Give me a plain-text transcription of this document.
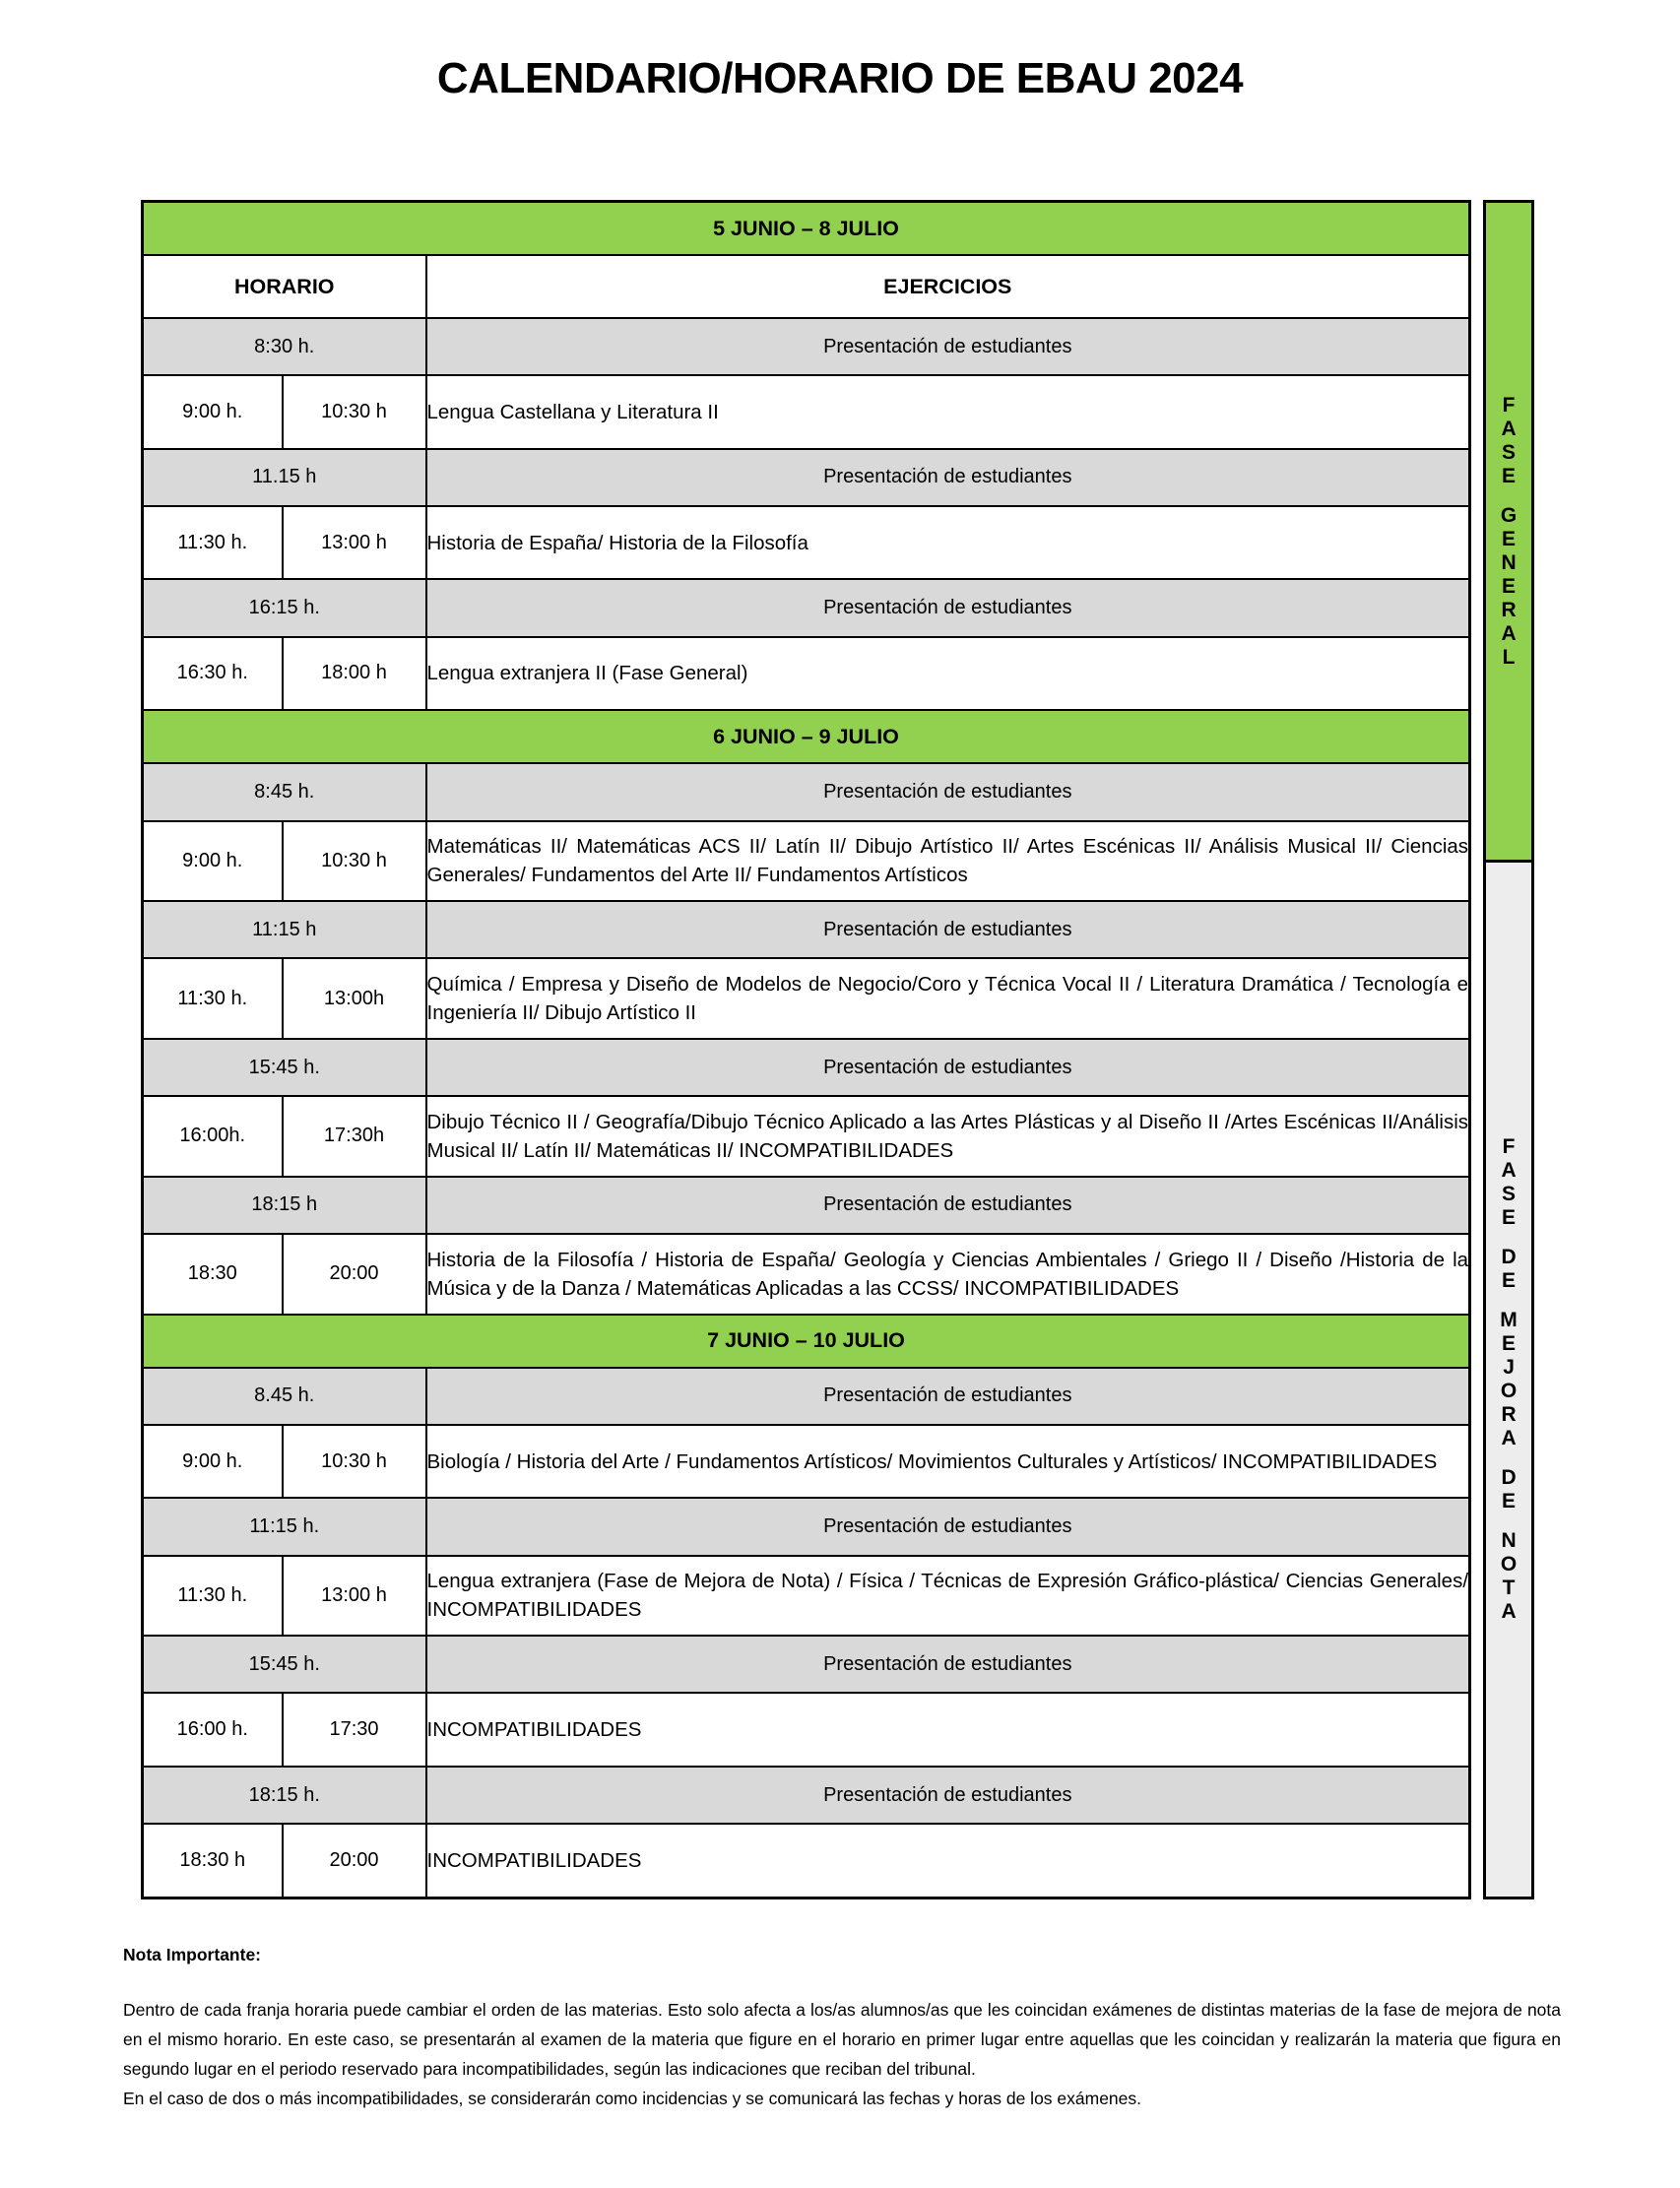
CALENDARIO/HORARIO DE EBAU 2024
5 JUNIO – 8 JULIO		
HORARIO		EJERCICIOS
8:30 h.		Presentación de estudiantes
9:00 h.	10:30 h	Lengua Castellana y Literatura II
11.15 h		Presentación de estudiantes
11:30 h.	13:00 h	Historia de España/ Historia de la Filosofía
16:15 h.		Presentación de estudiantes
16:30 h.	18:00 h	Lengua extranjera II (Fase General)
6 JUNIO – 9 JULIO		
8:45 h.		Presentación de estudiantes
9:00 h.	10:30 h	Matemáticas II/ Matemáticas ACS II/ Latín II/ Dibujo Artístico II/ Artes Escénicas II/ Análisis Musical II/ Ciencias Generales/ Fundamentos del Arte II/ Fundamentos Artísticos
11:15 h		Presentación de estudiantes
11:30 h.	13:00h	Química / Empresa y Diseño de Modelos de Negocio/Coro y Técnica Vocal II / Literatura Dramática / Tecnología e Ingeniería II/ Dibujo Artístico II
15:45 h.		Presentación de estudiantes
16:00h.	17:30h	Dibujo Técnico II / Geografía/Dibujo Técnico Aplicado a las Artes Plásticas y al Diseño II /Artes Escénicas II/Análisis Musical II/ Latín II/ Matemáticas II/ INCOMPATIBILIDADES
18:15 h		Presentación de estudiantes
18:30	20:00	Historia de la Filosofía / Historia de España/ Geología y Ciencias Ambientales / Griego II / Diseño /Historia de la Música y de la Danza / Matemáticas Aplicadas a las CCSS/ INCOMPATIBILIDADES
7 JUNIO – 10 JULIO		
8.45 h.		Presentación de estudiantes
9:00 h.	10:30 h	Biología / Historia del Arte / Fundamentos Artísticos/ Movimientos Culturales y Artísticos/ INCOMPATIBILIDADES
11:15 h.		Presentación de estudiantes
11:30 h.	13:00 h	Lengua extranjera (Fase de Mejora de Nota) / Física / Técnicas de Expresión Gráfico-plástica/ Ciencias Generales/ INCOMPATIBILIDADES
15:45 h.		Presentación de estudiantes
16:00 h.	17:30	INCOMPATIBILIDADES
18:15 h.		Presentación de estudiantes
18:30 h	20:00	INCOMPATIBILIDADES
F
A
S
E
G
E
N
E
R
A
L
F
A
S
E
D
E
M
E
J
O
R
A
D
E
N
O
T
A

Nota Importante:

Dentro de cada franja horaria puede cambiar el orden de las materias. Esto solo afecta a los/as alumnos/as que les coincidan exámenes de distintas materias de la fase de mejora de nota en el mismo horario. En este caso, se presentarán al examen de la materia que figure en el horario en primer lugar entre aquellas que les coincidan y realizarán la materia que figura en segundo lugar en el periodo reservado para incompatibilidades, según las indicaciones que reciban del tribunal.

En el caso de dos o más incompatibilidades, se considerarán como incidencias y se comunicará las fechas y horas de los exámenes.
